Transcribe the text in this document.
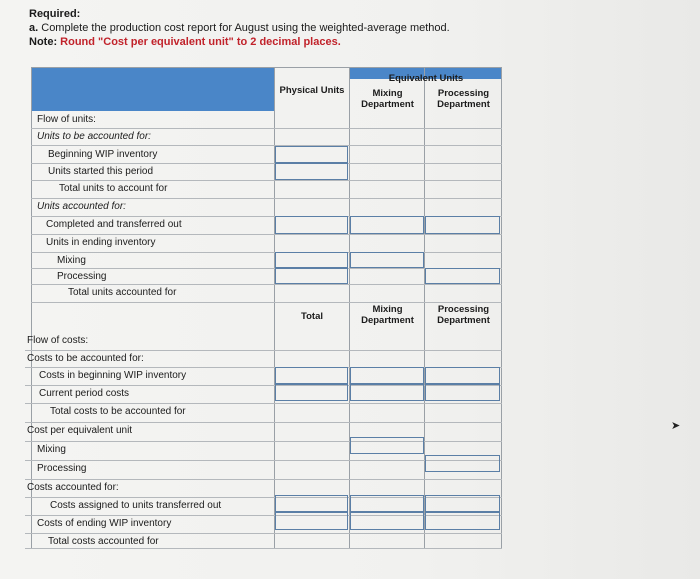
Required:
a. Complete the production cost report for August using the weighted-average method.
Note: Round "Cost per equivalent unit" to 2 decimal places.
Physical Units
Equivalent Units
Mixing
Department
Processing
Department
Flow of units:
Units to be accounted for:
Beginning WIP inventory
Units started this period
Total units to account for
Units accounted for:
Completed and transferred out
Units in ending inventory
Mixing
Processing
Total units accounted for
Total
Mixing
Department
Processing
Department
Flow of costs:
Costs to be accounted for:
Costs in beginning WIP inventory
Current period costs
Total costs to be accounted for
Cost per equivalent unit
Mixing
Processing
Costs accounted for:
Costs assigned to units transferred out
Costs of ending WIP inventory
Total costs accounted for
➤
